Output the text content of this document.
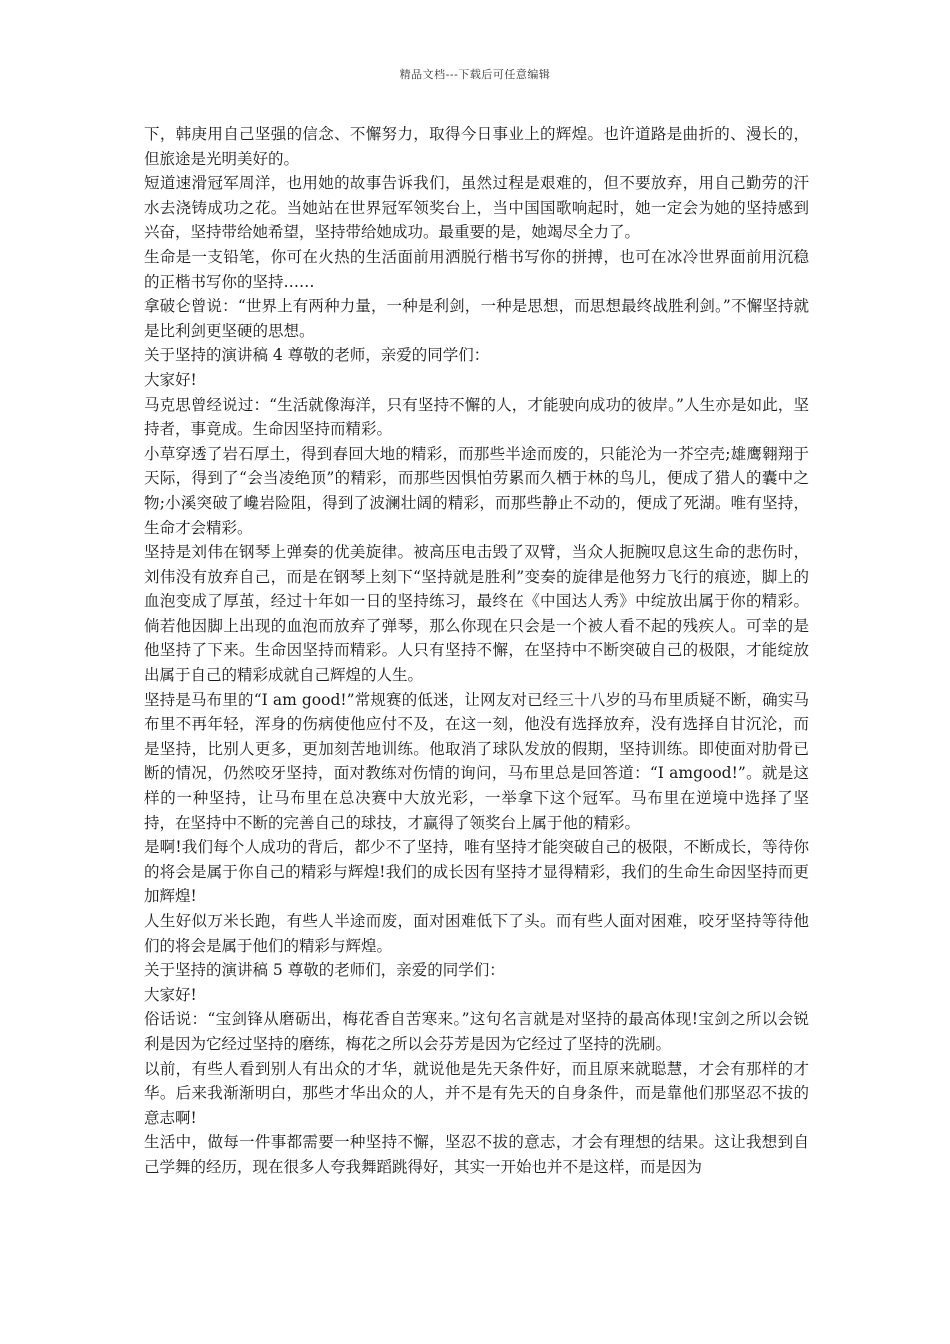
精品文档---下载后可任意编辑

下，韩庚用自己坚强的信念、不懈努力，取得今日事业上的辉煌。也许道路是曲折的、漫长的，但旅途是光明美好的。

短道速滑冠军周洋，也用她的故事告诉我们，虽然过程是艰难的，但不要放弃，用自己勤劳的汗水去浇铸成功之花。当她站在世界冠军领奖台上，当中国国歌响起时，她一定会为她的坚持感到兴奋，坚持带给她希望，坚持带给她成功。最重要的是，她竭尽全力了。

生命是一支铅笔，你可在火热的生活面前用洒脱行楷书写你的拼搏，也可在冰冷世界面前用沉稳的正楷书写你的坚持……

拿破仑曾说：“世界上有两种力量，一种是利剑，一种是思想，而思想最终战胜利剑。”不懈坚持就是比利剑更坚硬的思想。

关于坚持的演讲稿 4 尊敬的老师，亲爱的同学们：

大家好!

马克思曾经说过：“生活就像海洋，只有坚持不懈的人，才能驶向成功的彼岸。”人生亦是如此，坚持者，事竟成。生命因坚持而精彩。

小草穿透了岩石厚土，得到春回大地的精彩，而那些半途而废的，只能沦为一芥空壳;雄鹰翱翔于天际，得到了“会当凌绝顶”的精彩，而那些因惧怕劳累而久栖于林的鸟儿，便成了猎人的囊中之物;小溪突破了巉岩险阻，得到了波澜壮阔的精彩，而那些静止不动的，便成了死湖。唯有坚持，生命才会精彩。

坚持是刘伟在钢琴上弹奏的优美旋律。被高压电击毁了双臂，当众人扼腕叹息这生命的悲伤时，刘伟没有放弃自己，而是在钢琴上刻下“坚持就是胜利”变奏的旋律是他努力飞行的痕迹，脚上的血泡变成了厚茧，经过十年如一日的坚持练习，最终在《中国达人秀》中绽放出属于你的精彩。倘若他因脚上出现的血泡而放弃了弹琴，那么你现在只会是一个被人看不起的残疾人。可幸的是他坚持了下来。生命因坚持而精彩。人只有坚持不懈，在坚持中不断突破自己的极限，才能绽放出属于自己的精彩成就自己辉煌的人生。

坚持是马布里的“I am good!”常规赛的低迷，让网友对已经三十八岁的马布里质疑不断，确实马布里不再年轻，浑身的伤病使他应付不及，在这一刻，他没有选择放弃，没有选择自甘沉沦，而是坚持，比别人更多，更加刻苦地训练。他取消了球队发放的假期，坚持训练。即使面对肋骨已断的情况，仍然咬牙坚持，面对教练对伤情的询问，马布里总是回答道：“I amgood!”。就是这样的一种坚持，让马布里在总决赛中大放光彩，一举拿下这个冠军。马布里在逆境中选择了坚持，在坚持中不断的完善自己的球技，才赢得了领奖台上属于他的精彩。

是啊!我们每个人成功的背后，都少不了坚持，唯有坚持才能突破自己的极限，不断成长，等待你的将会是属于你自己的精彩与辉煌!我们的成长因有坚持才显得精彩，我们的生命生命因坚持而更加辉煌!

人生好似万米长跑，有些人半途而废，面对困难低下了头。而有些人面对困难，咬牙坚持等待他们的将会是属于他们的精彩与辉煌。

关于坚持的演讲稿 5 尊敬的老师们，亲爱的同学们：

大家好!

俗话说：“宝剑锋从磨砺出，梅花香自苦寒来。”这句名言就是对坚持的最高体现!宝剑之所以会锐利是因为它经过坚持的磨练，梅花之所以会芬芳是因为它经过了坚持的洗刷。

以前，有些人看到别人有出众的才华，就说他是先天条件好，而且原来就聪慧，才会有那样的才华。后来我渐渐明白，那些才华出众的人，并不是有先天的自身条件，而是靠他们那坚忍不拔的意志啊!

生活中，做每一件事都需要一种坚持不懈，坚忍不拔的意志，才会有理想的结果。这让我想到自己学舞的经历，现在很多人夸我舞蹈跳得好，其实一开始也并不是这样，而是因为
